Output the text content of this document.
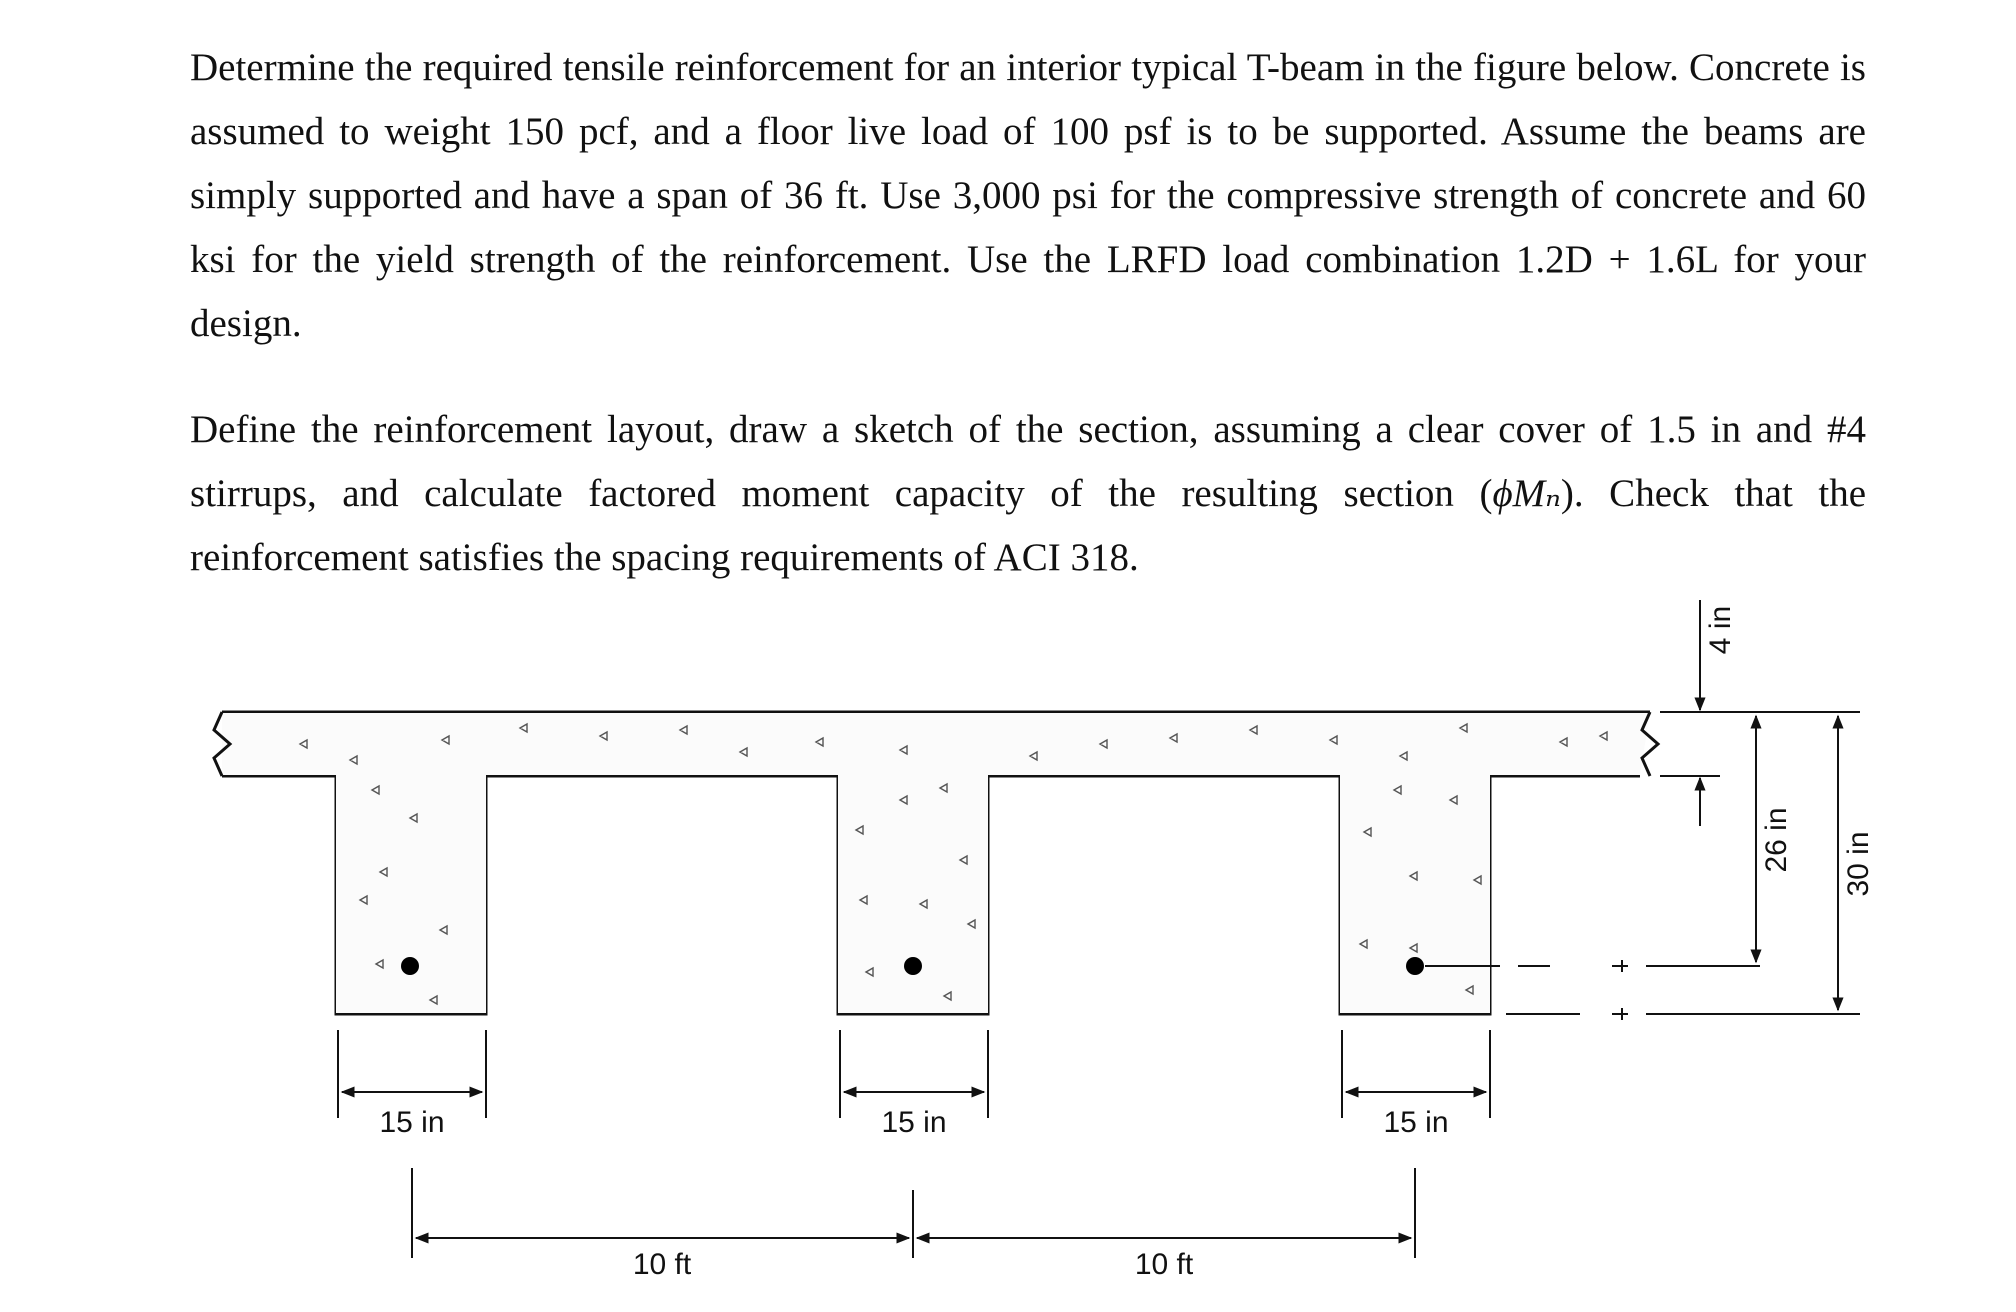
Determine the required tensile reinforcement for an interior typical T-beam in the figure below. Concrete is assumed to weight 150 pcf, and a floor live load of 100 psf is to be supported. Assume the beams are simply supported and have a span of 36 ft. Use 3,000 psi for the compressive strength of concrete and 60 ksi for the yield strength of the reinforcement. Use the LRFD load combination 1.2D + 1.6L for your design.

Define the reinforcement layout, draw a sketch of the section, assuming a clear cover of 1.5 in and #4 stirrups, and calculate factored moment capacity of the resulting section (ϕMₙ). Check that the reinforcement satisfies the spacing requirements of ACI 318.

4 in
26 in 30 in
15 in	15 in	15 in
10 ft	10 ft
